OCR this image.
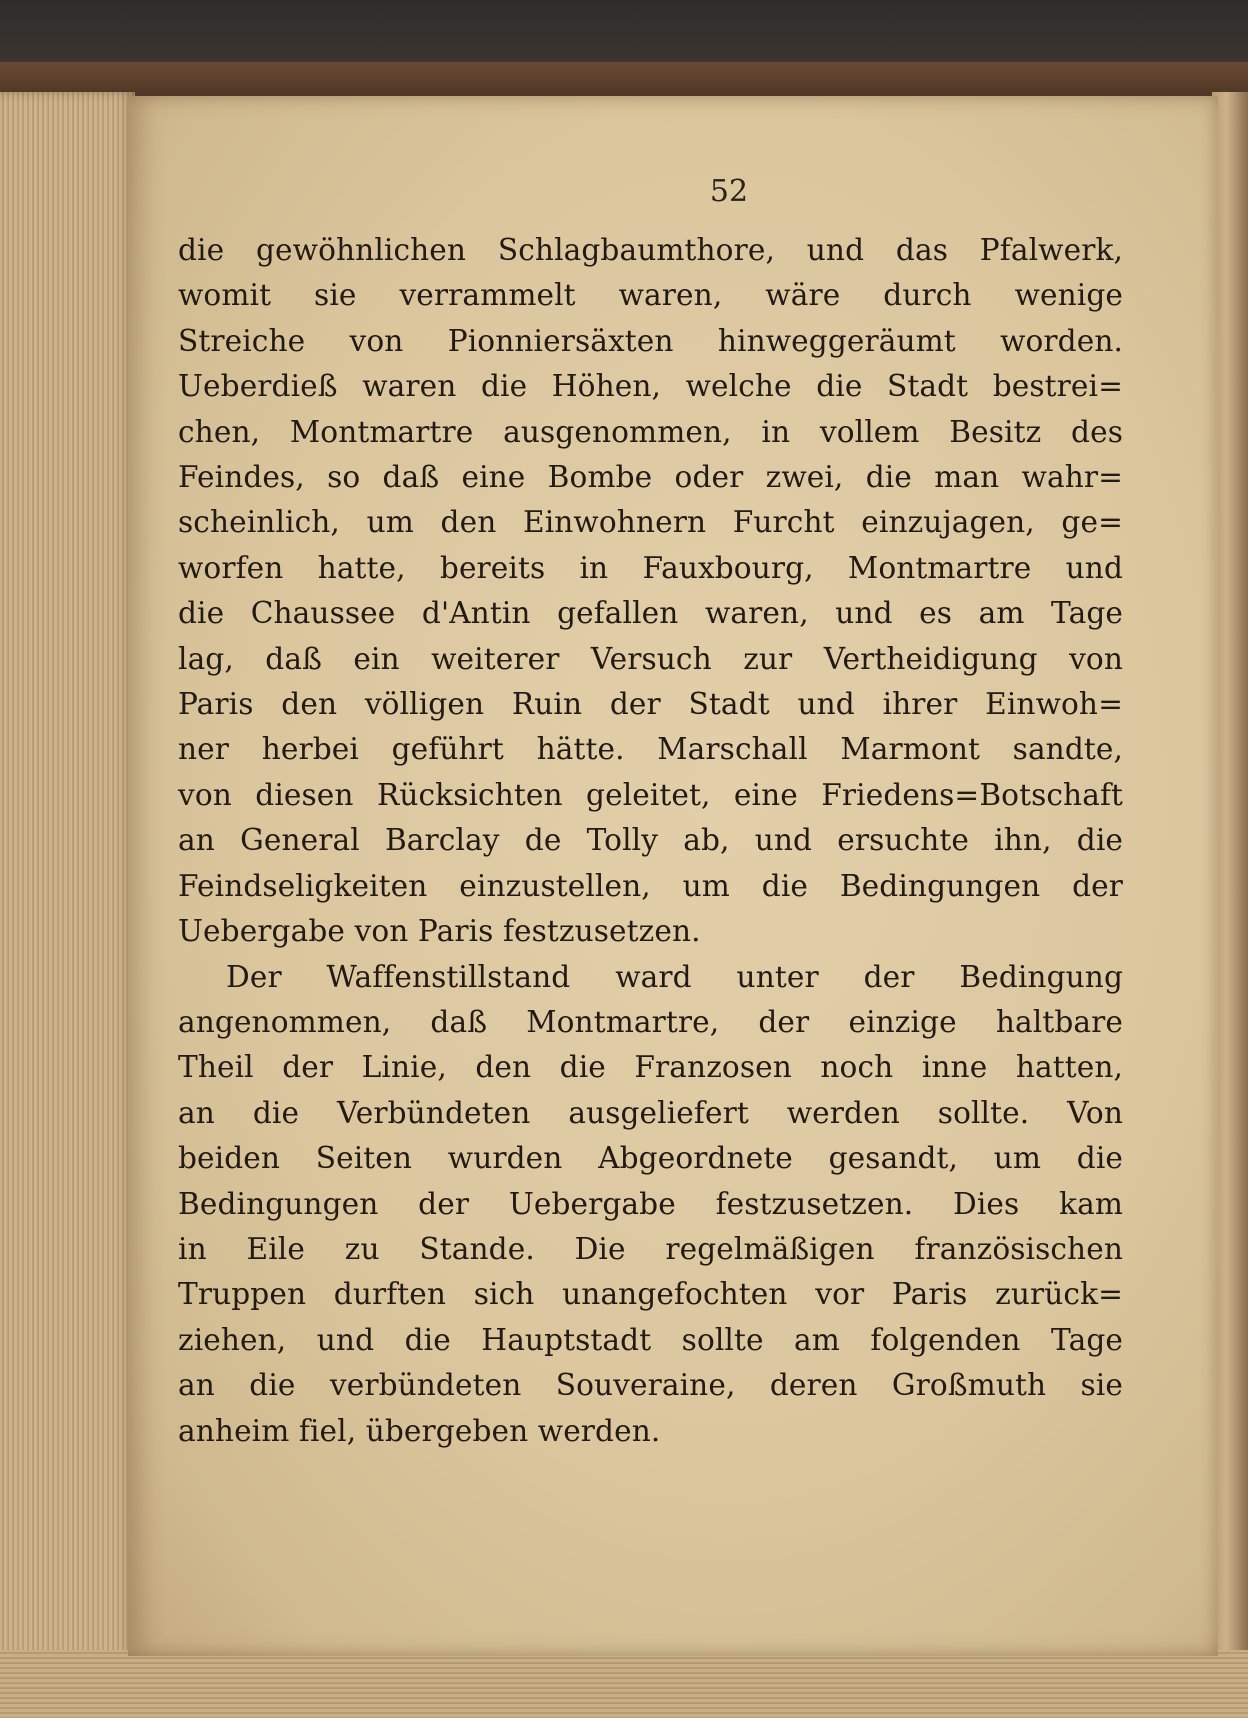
52
die gewöhnlichen Schlagbaumthore, und das Pfalwerk,
womit sie verrammelt waren, wäre durch wenige
Streiche von Pionniersäxten hinweggeräumt worden.
Ueberdieß waren die Höhen, welche die Stadt bestrei=
chen, Montmartre ausgenommen, in vollem Besitz des
Feindes, so daß eine Bombe oder zwei, die man wahr=
scheinlich, um den Einwohnern Furcht einzujagen, ge=
worfen hatte, bereits in Fauxbourg, Montmartre und
die Chaussee d'Antin gefallen waren, und es am Tage
lag, daß ein weiterer Versuch zur Vertheidigung von
Paris den völligen Ruin der Stadt und ihrer Einwoh=
ner herbei geführt hätte. Marschall Marmont sandte,
von diesen Rücksichten geleitet, eine Friedens=Botschaft
an General Barclay de Tolly ab, und ersuchte ihn, die
Feindseligkeiten einzustellen, um die Bedingungen der
Uebergabe von Paris festzusetzen.
Der Waffenstillstand ward unter der Bedingung
angenommen, daß Montmartre, der einzige haltbare
Theil der Linie, den die Franzosen noch inne hatten,
an die Verbündeten ausgeliefert werden sollte. Von
beiden Seiten wurden Abgeordnete gesandt, um die
Bedingungen der Uebergabe festzusetzen. Dies kam
in Eile zu Stande. Die regelmäßigen französischen
Truppen durften sich unangefochten vor Paris zurück=
ziehen, und die Hauptstadt sollte am folgenden Tage
an die verbündeten Souveraine, deren Großmuth sie
anheim fiel, übergeben werden.
